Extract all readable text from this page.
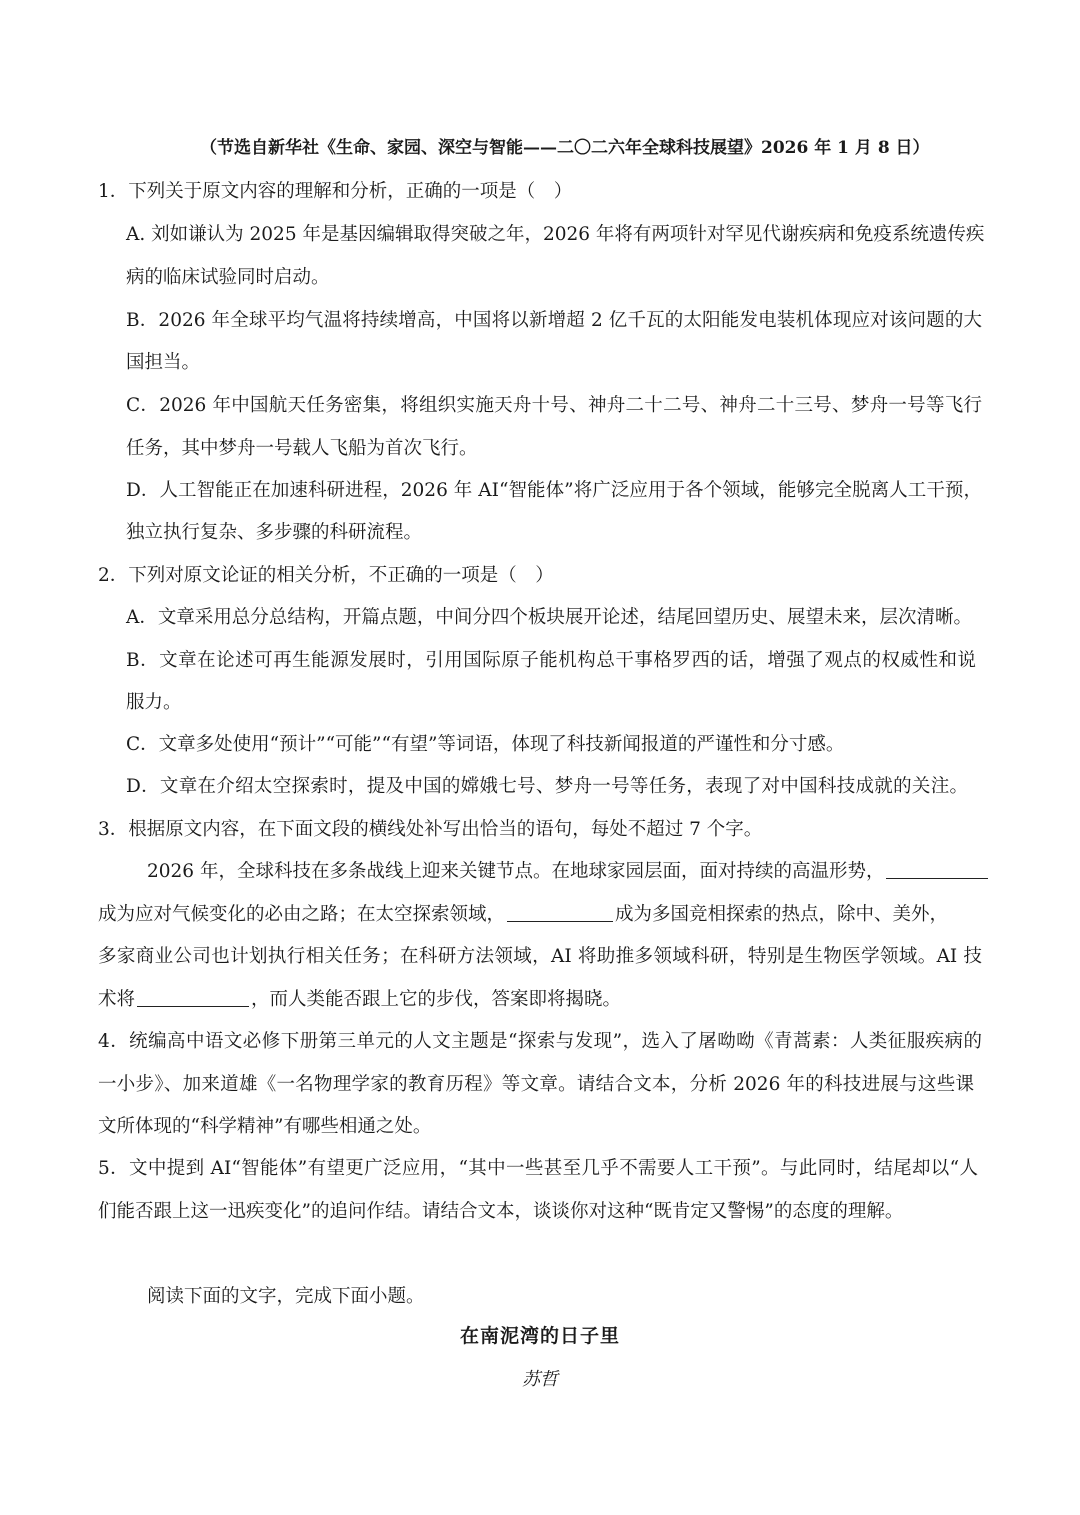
（节选自新华社《生命、家园、深空与智能——二〇二六年全球科技展望》2026 年 1 月 8 日）
1．下列关于原文内容的理解和分析，正确的一项是（　）
A. 刘如谦认为 2025 年是基因编辑取得突破之年，2026 年将有两项针对罕见代谢疾病和免疫系统遗传疾
病的临床试验同时启动。
B．2026 年全球平均气温将持续增高，中国将以新增超 2 亿千瓦的太阳能发电装机体现应对该问题的大
国担当。
C．2026 年中国航天任务密集，将组织实施天舟十号、神舟二十二号、神舟二十三号、梦舟一号等飞行
任务，其中梦舟一号载人飞船为首次飞行。
D．人工智能正在加速科研进程，2026 年 AI“智能体”将广泛应用于各个领域，能够完全脱离人工干预，
独立执行复杂、多步骤的科研流程。
2．下列对原文论证的相关分析，不正确的一项是（　）
A．文章采用总分总结构，开篇点题，中间分四个板块展开论述，结尾回望历史、展望未来，层次清晰。
B．文章在论述可再生能源发展时，引用国际原子能机构总干事格罗西的话，增强了观点的权威性和说
服力。
C．文章多处使用“预计”“可能”“有望”等词语，体现了科技新闻报道的严谨性和分寸感。
D．文章在介绍太空探索时，提及中国的嫦娥七号、梦舟一号等任务，表现了对中国科技成就的关注。
3．根据原文内容，在下面文段的横线处补写出恰当的语句，每处不超过 7 个字。
2026 年，全球科技在多条战线上迎来关键节点。在地球家园层面，面对持续的高温形势，
成为应对气候变化的必由之路；在太空探索领域，	成为多国竞相探索的热点，除中、美外，
多家商业公司也计划执行相关任务；在科研方法领域，AI 将助推多领域科研，特别是生物医学领域。AI 技
术将	，而人类能否跟上它的步伐，答案即将揭晓。
4．统编高中语文必修下册第三单元的人文主题是“探索与发现”，选入了屠呦呦《青蒿素：人类征服疾病的
一小步》、加来道雄《一名物理学家的教育历程》等文章。请结合文本，分析 2026 年的科技进展与这些课
文所体现的“科学精神”有哪些相通之处。
5．文中提到 AI“智能体”有望更广泛应用，“其中一些甚至几乎不需要人工干预”。与此同时，结尾却以“人
们能否跟上这一迅疾变化”的追问作结。请结合文本，谈谈你对这种“既肯定又警惕”的态度的理解。
阅读下面的文字，完成下面小题。
在南泥湾的日子里
苏哲
